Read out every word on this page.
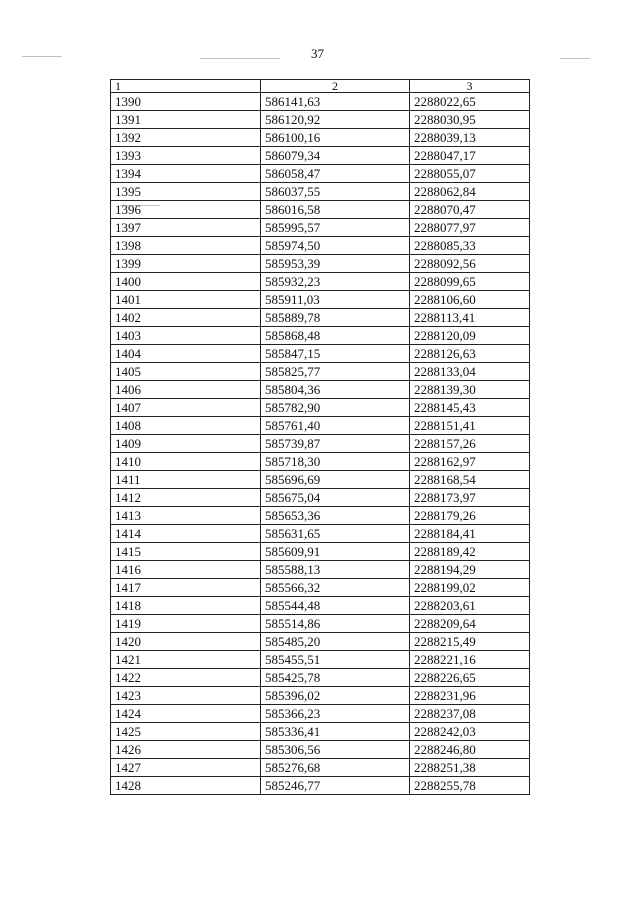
37
1	2	3
1390	586141,63	2288022,65
1391	586120,92	2288030,95
1392	586100,16	2288039,13
1393	586079,34	2288047,17
1394	586058,47	2288055,07
1395	586037,55	2288062,84
1396	586016,58	2288070,47
1397	585995,57	2288077,97
1398	585974,50	2288085,33
1399	585953,39	2288092,56
1400	585932,23	2288099,65
1401	585911,03	2288106,60
1402	585889,78	2288113,41
1403	585868,48	2288120,09
1404	585847,15	2288126,63
1405	585825,77	2288133,04
1406	585804,36	2288139,30
1407	585782,90	2288145,43
1408	585761,40	2288151,41
1409	585739,87	2288157,26
1410	585718,30	2288162,97
1411	585696,69	2288168,54
1412	585675,04	2288173,97
1413	585653,36	2288179,26
1414	585631,65	2288184,41
1415	585609,91	2288189,42
1416	585588,13	2288194,29
1417	585566,32	2288199,02
1418	585544,48	2288203,61
1419	585514,86	2288209,64
1420	585485,20	2288215,49
1421	585455,51	2288221,16
1422	585425,78	2288226,65
1423	585396,02	2288231,96
1424	585366,23	2288237,08
1425	585336,41	2288242,03
1426	585306,56	2288246,80
1427	585276,68	2288251,38
1428	585246,77	2288255,78
